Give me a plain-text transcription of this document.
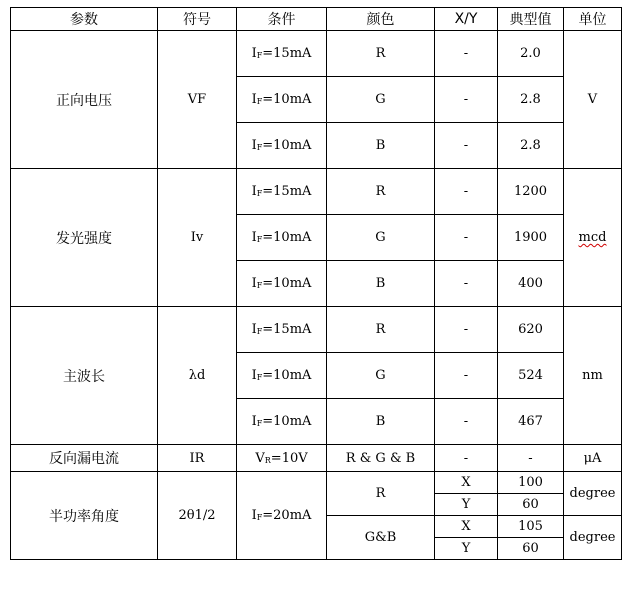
参数	符号	条件	颜色	X/Y	典型值	单位
正向电压	VF	IF=15mA	R	-	2.0	V
		IF=10mA	G	-	2.8	
		IF=10mA	B	-	2.8	
发光强度	Iv	IF=15mA	R	-	1200	mcd
		IF=10mA	G	-	1900	
		IF=10mA	B	-	400	
主波长	λd	IF=15mA	R	-	620	nm
		IF=10mA	G	-	524	
		IF=10mA	B	-	467	
反向漏电流	IR	VR=10V	R & G & B	-	-	μA
半功率角度	2θ1/2	IF=20mA	R	X	100	degree
				Y	60	
			G&B	X	105	degree
				Y	60	
